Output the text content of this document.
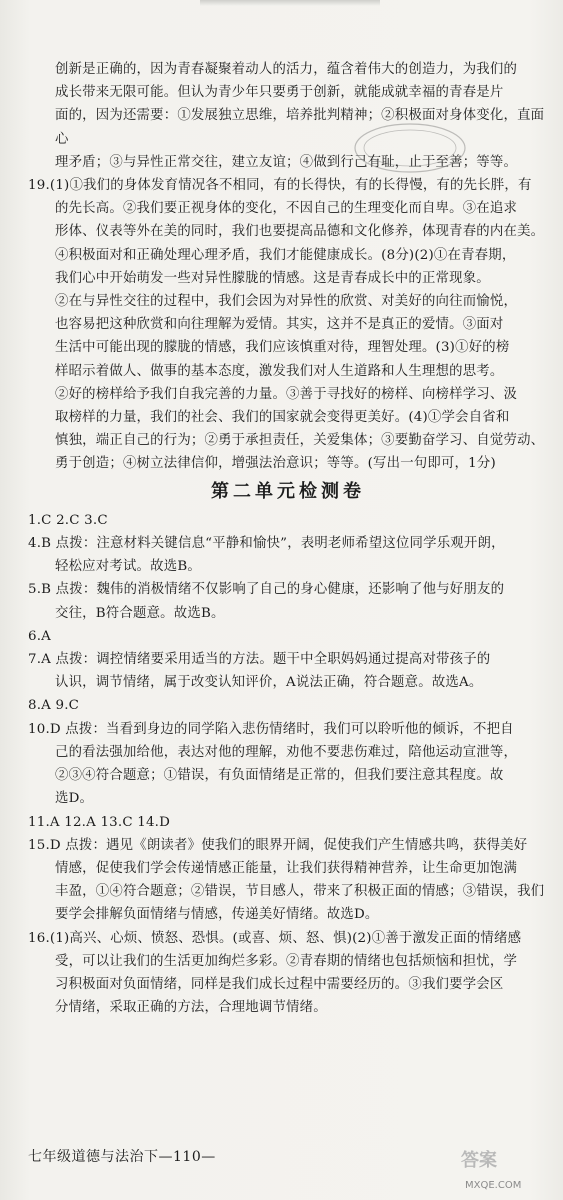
创新是正确的，因为青春凝聚着动人的活力，蕴含着伟大的创造力，为我们的

成长带来无限可能。但认为青少年只要勇于创新，就能成就幸福的青春是片

面的，因为还需要：①发展独立思维，培养批判精神；②积极面对身体变化，直面心

理矛盾；③与异性正常交往，建立友谊；④做到行己有耻，止于至善；等等。

19.(1)①我们的身体发育情况各不相同，有的长得快，有的长得慢，有的先长胖，有

的先长高。②我们要正视身体的变化，不因自己的生理变化而自卑。③在追求

形体、仪表等外在美的同时，我们也要提高品德和文化修养，体现青春的内在美。

④积极面对和正确处理心理矛盾，我们才能健康成长。(8分)(2)①在青春期，

我们心中开始萌发一些对异性朦胧的情感。这是青春成长中的正常现象。

②在与异性交往的过程中，我们会因为对异性的欣赏、对美好的向往而愉悦，

也容易把这种欣赏和向往理解为爱情。其实，这并不是真正的爱情。③面对

生活中可能出现的朦胧的情感，我们应该慎重对待，理智处理。(3)①好的榜

样昭示着做人、做事的基本态度，激发我们对人生道路和人生理想的思考。

②好的榜样给予我们自我完善的力量。③善于寻找好的榜样、向榜样学习、汲

取榜样的力量，我们的社会、我们的国家就会变得更美好。(4)①学会自省和

慎独，端正自己的行为；②勇于承担责任，关爱集体；③要勤奋学习、自觉劳动、

勇于创造；④树立法律信仰，增强法治意识；等等。(写出一句即可，1分)

第二单元检测卷

1.C 2.C 3.C

4.B 点拨：注意材料关键信息“平静和愉快”，表明老师希望这位同学乐观开朗，

轻松应对考试。故选B。

5.B 点拨：魏伟的消极情绪不仅影响了自己的身心健康，还影响了他与好朋友的

交往，B符合题意。故选B。

6.A

7.A 点拨：调控情绪要采用适当的方法。题干中全职妈妈通过提高对带孩子的

认识，调节情绪，属于改变认知评价，A说法正确，符合题意。故选A。

8.A 9.C

10.D 点拨：当看到身边的同学陷入悲伤情绪时，我们可以聆听他的倾诉，不把自

己的看法强加给他，表达对他的理解，劝他不要悲伤难过，陪他运动宣泄等，

②③④符合题意；①错误，有负面情绪是正常的，但我们要注意其程度。故

选D。

11.A 12.A 13.C 14.D

15.D 点拨：遇见《朗读者》使我们的眼界开阔，促使我们产生情感共鸣，获得美好

情感，促使我们学会传递情感正能量，让我们获得精神营养，让生命更加饱满

丰盈，①④符合题意；②错误，节目感人，带来了积极正面的情感；③错误，我们

要学会排解负面情绪与情感，传递美好情绪。故选D。

16.(1)高兴、心烦、愤怒、恐惧。(或喜、烦、怒、惧)(2)①善于激发正面的情绪感

受，可以让我们的生活更加绚烂多彩。②青春期的情绪也包括烦恼和担忧，学

习积极面对负面情绪，同样是我们成长过程中需要经历的。③我们要学会区

分情绪，采取正确的方法，合理地调节情绪。

七年级道德与法治下—110—	答案
MXQE.COM
